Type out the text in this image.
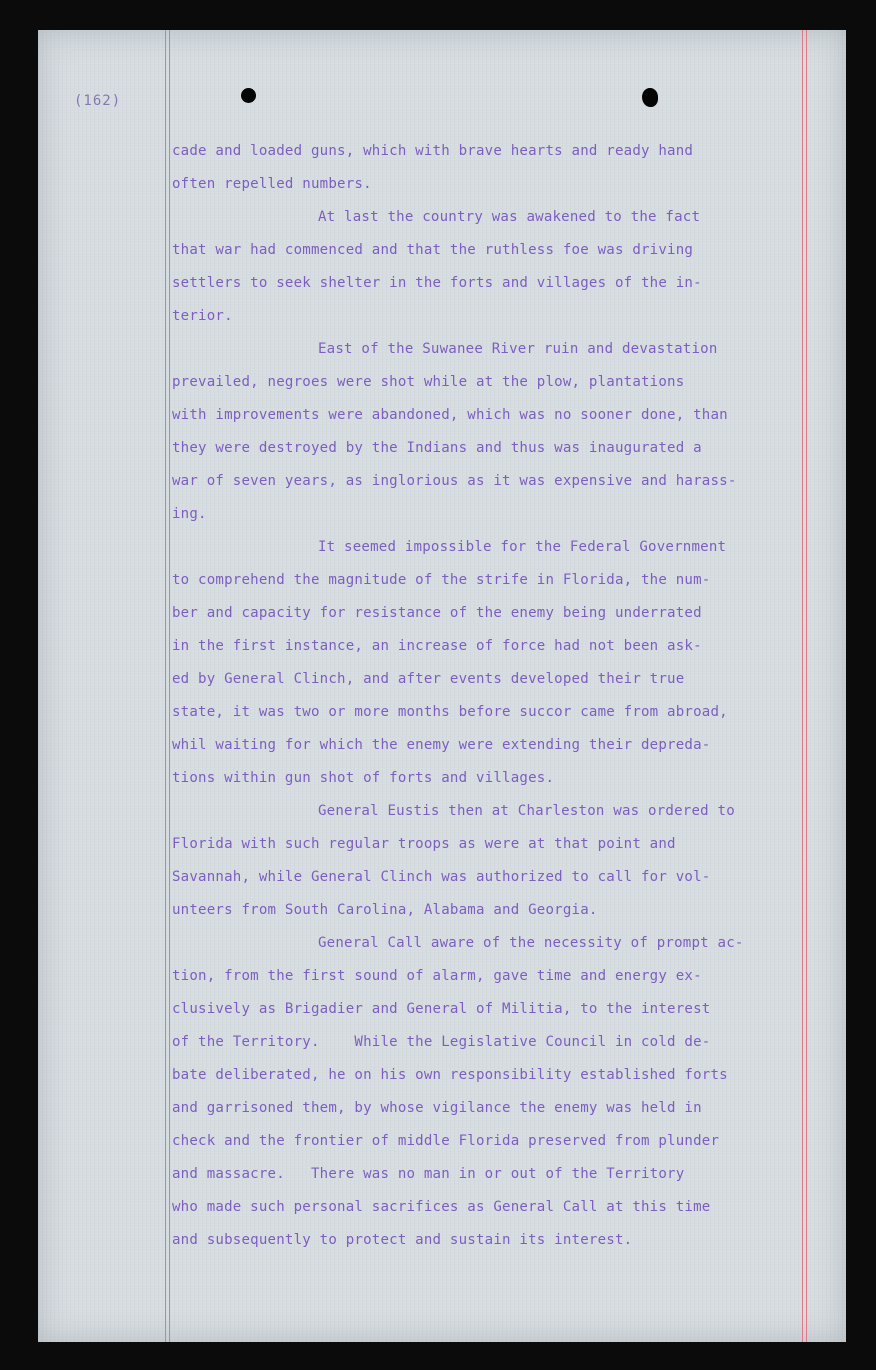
(162)
cade and loaded guns, which with brave hearts and ready hand
often repelled numbers.
At last the country was awakened to the fact
that war had commenced and that the ruthless foe was driving
settlers to seek shelter in the forts and villages of the in-
terior.
East of the Suwanee River ruin and devastation
prevailed, negroes were shot while at the plow, plantations
with improvements were abandoned, which was no sooner done, than
they were destroyed by the Indians and thus was inaugurated a
war of seven years, as inglorious as it was expensive and harass-
ing.
It seemed impossible for the Federal Government
to comprehend the magnitude of the strife in Florida, the num-
ber and capacity for resistance of the enemy being underrated
in the first instance, an increase of force had not been ask-
ed by General Clinch, and after events developed their true
state, it was two or more months before succor came from abroad,
whil waiting for which the enemy were extending their depreda-
tions within gun shot of forts and villages.
General Eustis then at Charleston was ordered to
Florida with such regular troops as were at that point and
Savannah, while General Clinch was authorized to call for vol-
unteers from South Carolina, Alabama and Georgia.
General Call aware of the necessity of prompt ac-
tion, from the first sound of alarm, gave time and energy ex-
clusively as Brigadier and General of Militia, to the interest
of the Territory.    While the Legislative Council in cold de-
bate deliberated, he on his own responsibility established forts
and garrisoned them, by whose vigilance the enemy was held in
check and the frontier of middle Florida preserved from plunder
and massacre.   There was no man in or out of the Territory
who made such personal sacrifices as General Call at this time
and subsequently to protect and sustain its interest.
